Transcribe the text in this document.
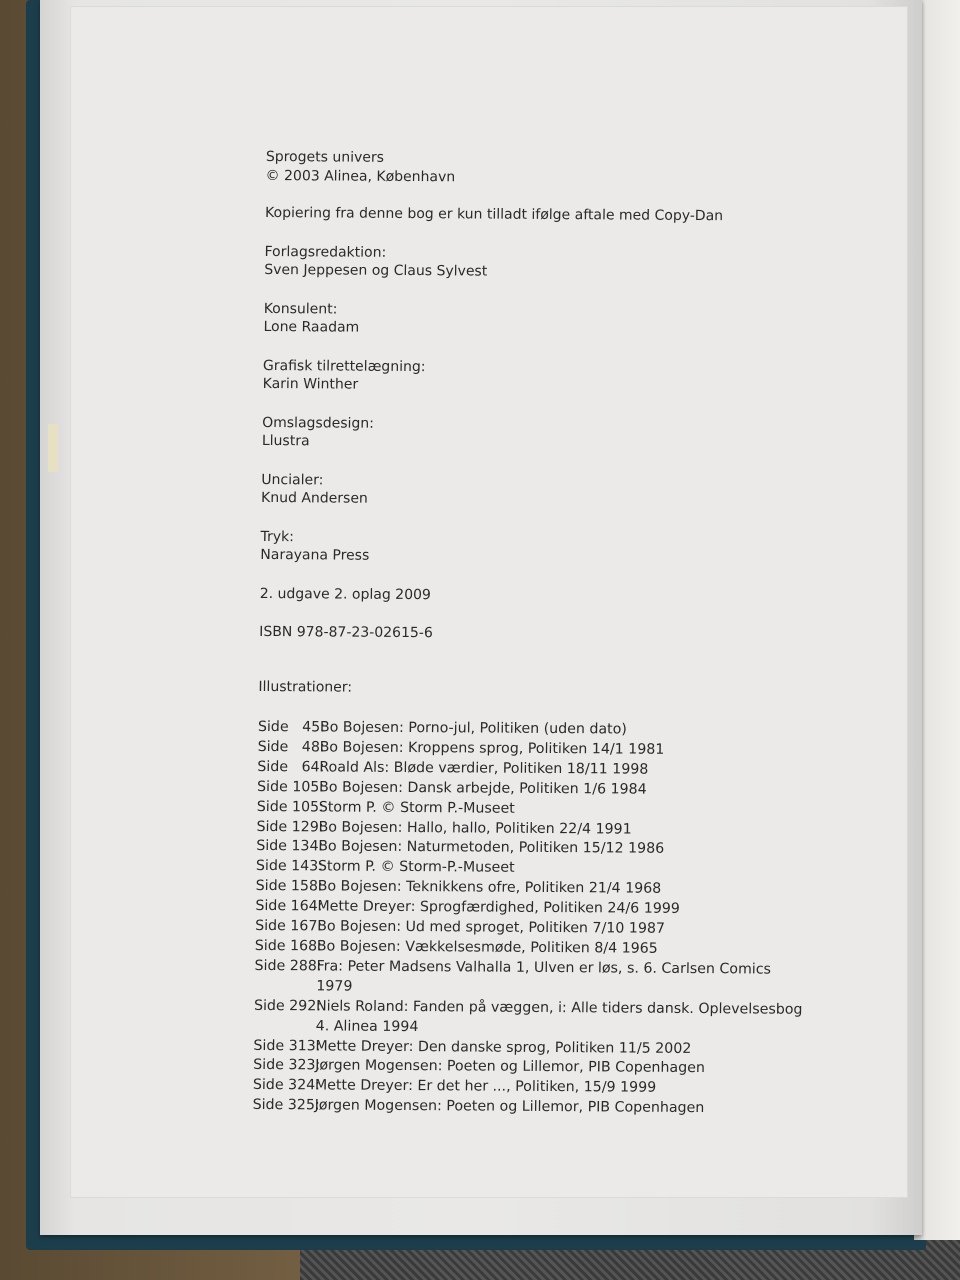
Sprogets univers
© 2003 Alinea, København
Kopiering fra denne bog er kun tilladt ifølge aftale med Copy-Dan
Forlagsredaktion:
Sven Jeppesen og Claus Sylvest
Konsulent:
Lone Raadam
Grafisk tilrettelægning:
Karin Winther
Omslagsdesign:
Llustra
Uncialer:
Knud Andersen
Tryk:
Narayana Press
2. udgave 2. oplag 2009
ISBN 978-87-23-02615-6
Illustrationer:
Side   45:
Bo Bojesen: Porno-jul, Politiken (uden dato)
Side   48:
Bo Bojesen: Kroppens sprog, Politiken 14/1 1981
Side   64:
Roald Als: Bløde værdier, Politiken 18/11 1998
Side 105:
Bo Bojesen: Dansk arbejde, Politiken 1/6 1984
Side 105:
Storm P. © Storm P.-Museet
Side 129:
Bo Bojesen: Hallo, hallo, Politiken 22/4 1991
Side 134:
Bo Bojesen: Naturmetoden, Politiken 15/12 1986
Side 143:
Storm P. © Storm-P.-Museet
Side 158:
Bo Bojesen: Teknikkens ofre, Politiken 21/4 1968
Side 164:
Mette Dreyer: Sprogfærdighed, Politiken 24/6 1999
Side 167:
Bo Bojesen: Ud med sproget, Politiken 7/10 1987
Side 168:
Bo Bojesen: Vækkelsesmøde, Politiken 8/4 1965
Side 288:
Fra: Peter Madsens Valhalla 1, Ulven er løs, s. 6. Carlsen Comics 1979
Side 292:
Niels Roland: Fanden på væggen, i: Alle tiders dansk. Oplevelsesbog 4. Alinea 1994
Side 313:
Mette Dreyer: Den danske sprog, Politiken 11/5 2002
Side 323:
Jørgen Mogensen: Poeten og Lillemor, PIB Copenhagen
Side 324:
Mette Dreyer: Er det her ..., Politiken, 15/9 1999
Side 325:
Jørgen Mogensen: Poeten og Lillemor, PIB Copenhagen
